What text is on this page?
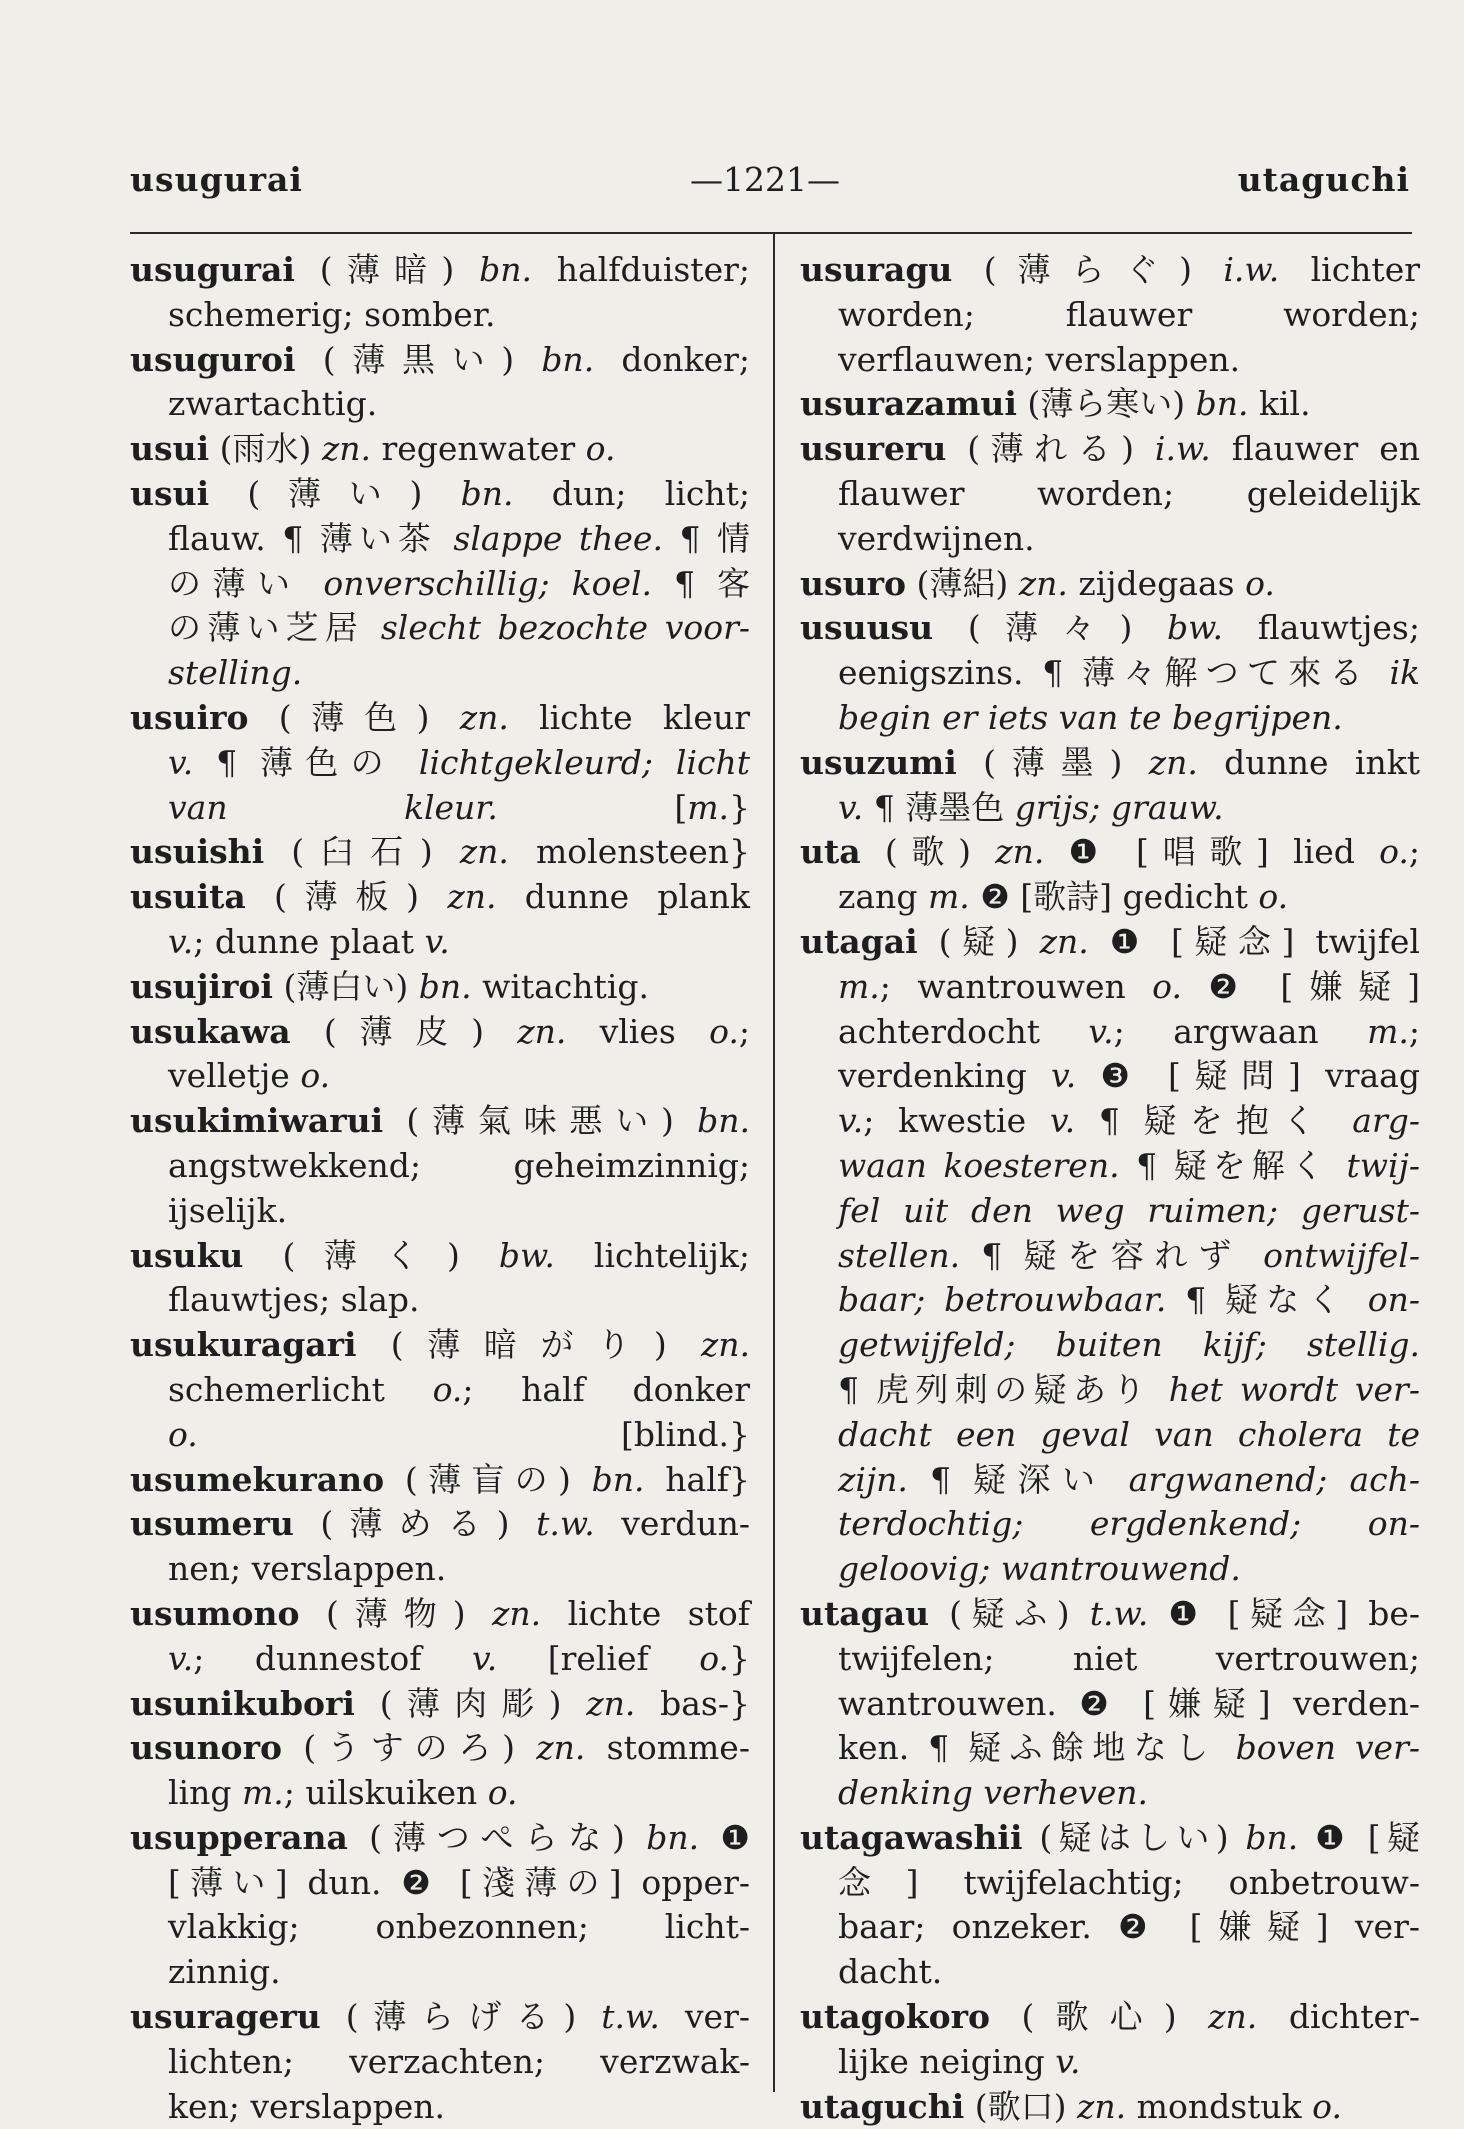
usugurai	—1221—	utaguchi
usugurai (薄暗) bn. halfduister;
schemerig; somber.
usuguroi (薄黒い) bn. donker;
zwartachtig.
usui (雨水) zn. regenwater o.
usui (薄い) bn. dun; licht;
flauw. ¶ 薄い茶 slappe thee. ¶ 情
の薄い onverschillig; koel. ¶ 客
の薄い芝居 slecht bezochte voor-
stelling.
usuiro (薄色) zn. lichte kleur
v. ¶ 薄色の lichtgekleurd; licht
van kleur. [m.}
usuishi (臼石) zn. molensteen}
usuita (薄板) zn. dunne plank
v.; dunne plaat v.
usujiroi (薄白い) bn. witachtig.
usukawa (薄皮) zn. vlies o.;
velletje o.
usukimiwarui (薄氣味悪い) bn.
angstwekkend; geheimzinnig;
ijselijk.
usuku (薄く) bw. lichtelijk;
flauwtjes; slap.
usukuragari (薄暗がり) zn.
schemerlicht o.; half donker
o. [blind.}
usumekurano (薄盲の) bn. half}
usumeru (薄める) t.w. verdun-
nen; verslappen.
usumono (薄物) zn. lichte stof
v.; dunnestof v. [relief o.}
usunikubori (薄肉彫) zn. bas-}
usunoro (うすのろ) zn. stomme-
ling m.; uilskuiken o.
usupperana (薄つぺらな) bn. ❶
[薄い] dun. ❷ [淺薄の] opper-
vlakkig; onbezonnen; licht-
zinnig.
usurageru (薄らげる) t.w. ver-
lichten; verzachten; verzwak-
ken; verslappen.
usuragu (薄らぐ) i.w. lichter
worden; flauwer worden;
verflauwen; verslappen.
usurazamui (薄ら寒い) bn. kil.
usureru (薄れる) i.w. flauwer en
flauwer worden; geleidelijk
verdwijnen.
usuro (薄絽) zn. zijdegaas o.
usuusu (薄々) bw. flauwtjes;
eenigszins. ¶ 薄々解つて來る ik
begin er iets van te begrijpen.
usuzumi (薄墨) zn. dunne inkt
v. ¶ 薄墨色 grijs; grauw.
uta (歌) zn. ❶ [唱歌] lied o.;
zang m. ❷ [歌詩] gedicht o.
utagai (疑) zn. ❶ [疑念] twijfel
m.; wantrouwen o. ❷ [嫌疑]
achterdocht v.; argwaan m.;
verdenking v. ❸ [疑問] vraag
v.; kwestie v. ¶ 疑を抱く arg-
waan koesteren. ¶ 疑を解く twij-
fel uit den weg ruimen; gerust-
stellen. ¶ 疑を容れず ontwijfel-
baar; betrouwbaar. ¶ 疑なく on-
getwijfeld; buiten kijf; stellig.
¶ 虎列刺の疑あり het wordt ver-
dacht een geval van cholera te
zijn. ¶ 疑深い argwanend; ach-
terdochtig; ergdenkend; on-
geloovig; wantrouwend.
utagau (疑ふ) t.w. ❶ [疑念] be-
twijfelen; niet vertrouwen;
wantrouwen. ❷ [嫌疑] verden-
ken. ¶ 疑ふ餘地なし boven ver-
denking verheven.
utagawashii (疑はしい) bn. ❶ [疑
念] twijfelachtig; onbetrouw-
baar; onzeker. ❷ [嫌疑] ver-
dacht.
utagokoro (歌心) zn. dichter-
lijke neiging v.
utaguchi (歌口) zn. mondstuk o.
